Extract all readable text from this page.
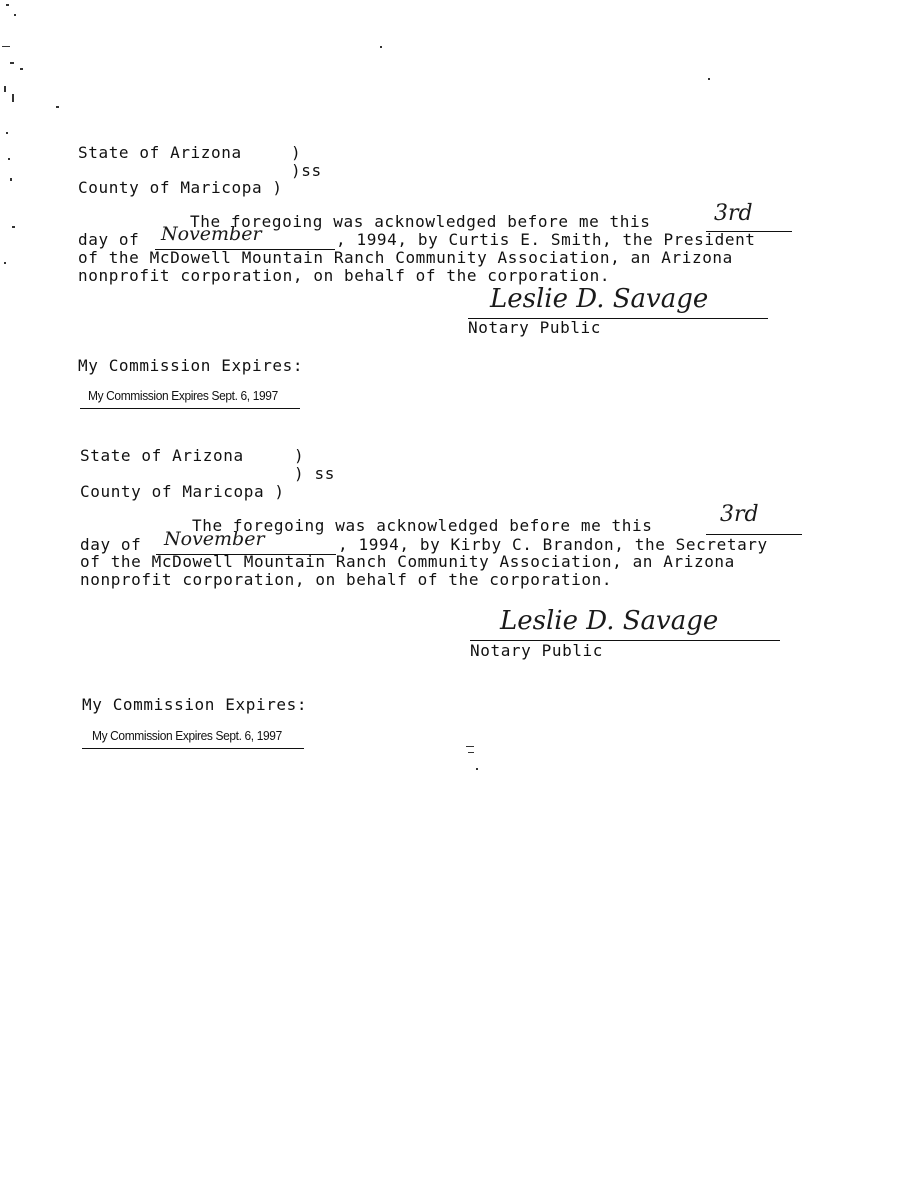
State of Arizona	)
)ss
County of Maricopa )
The foregoing was acknowledged before me this	3rd
day of November	, 1994, by Curtis E. Smith, the President
of the McDowell Mountain Ranch Community Association, an Arizona
nonprofit corporation, on behalf of the corporation.
Leslie D. Savage
Notary Public
My Commission Expires:
My Commission Expires Sept. 6, 1997
State of Arizona	)
) ss
County of Maricopa )
The foregoing was acknowledged before me this	3rd
day of November	, 1994, by Kirby C. Brandon, the Secretary
of the McDowell Mountain Ranch Community Association, an Arizona
nonprofit corporation, on behalf of the corporation.
Leslie D. Savage
Notary Public
My Commission Expires:
My Commission Expires Sept. 6, 1997
